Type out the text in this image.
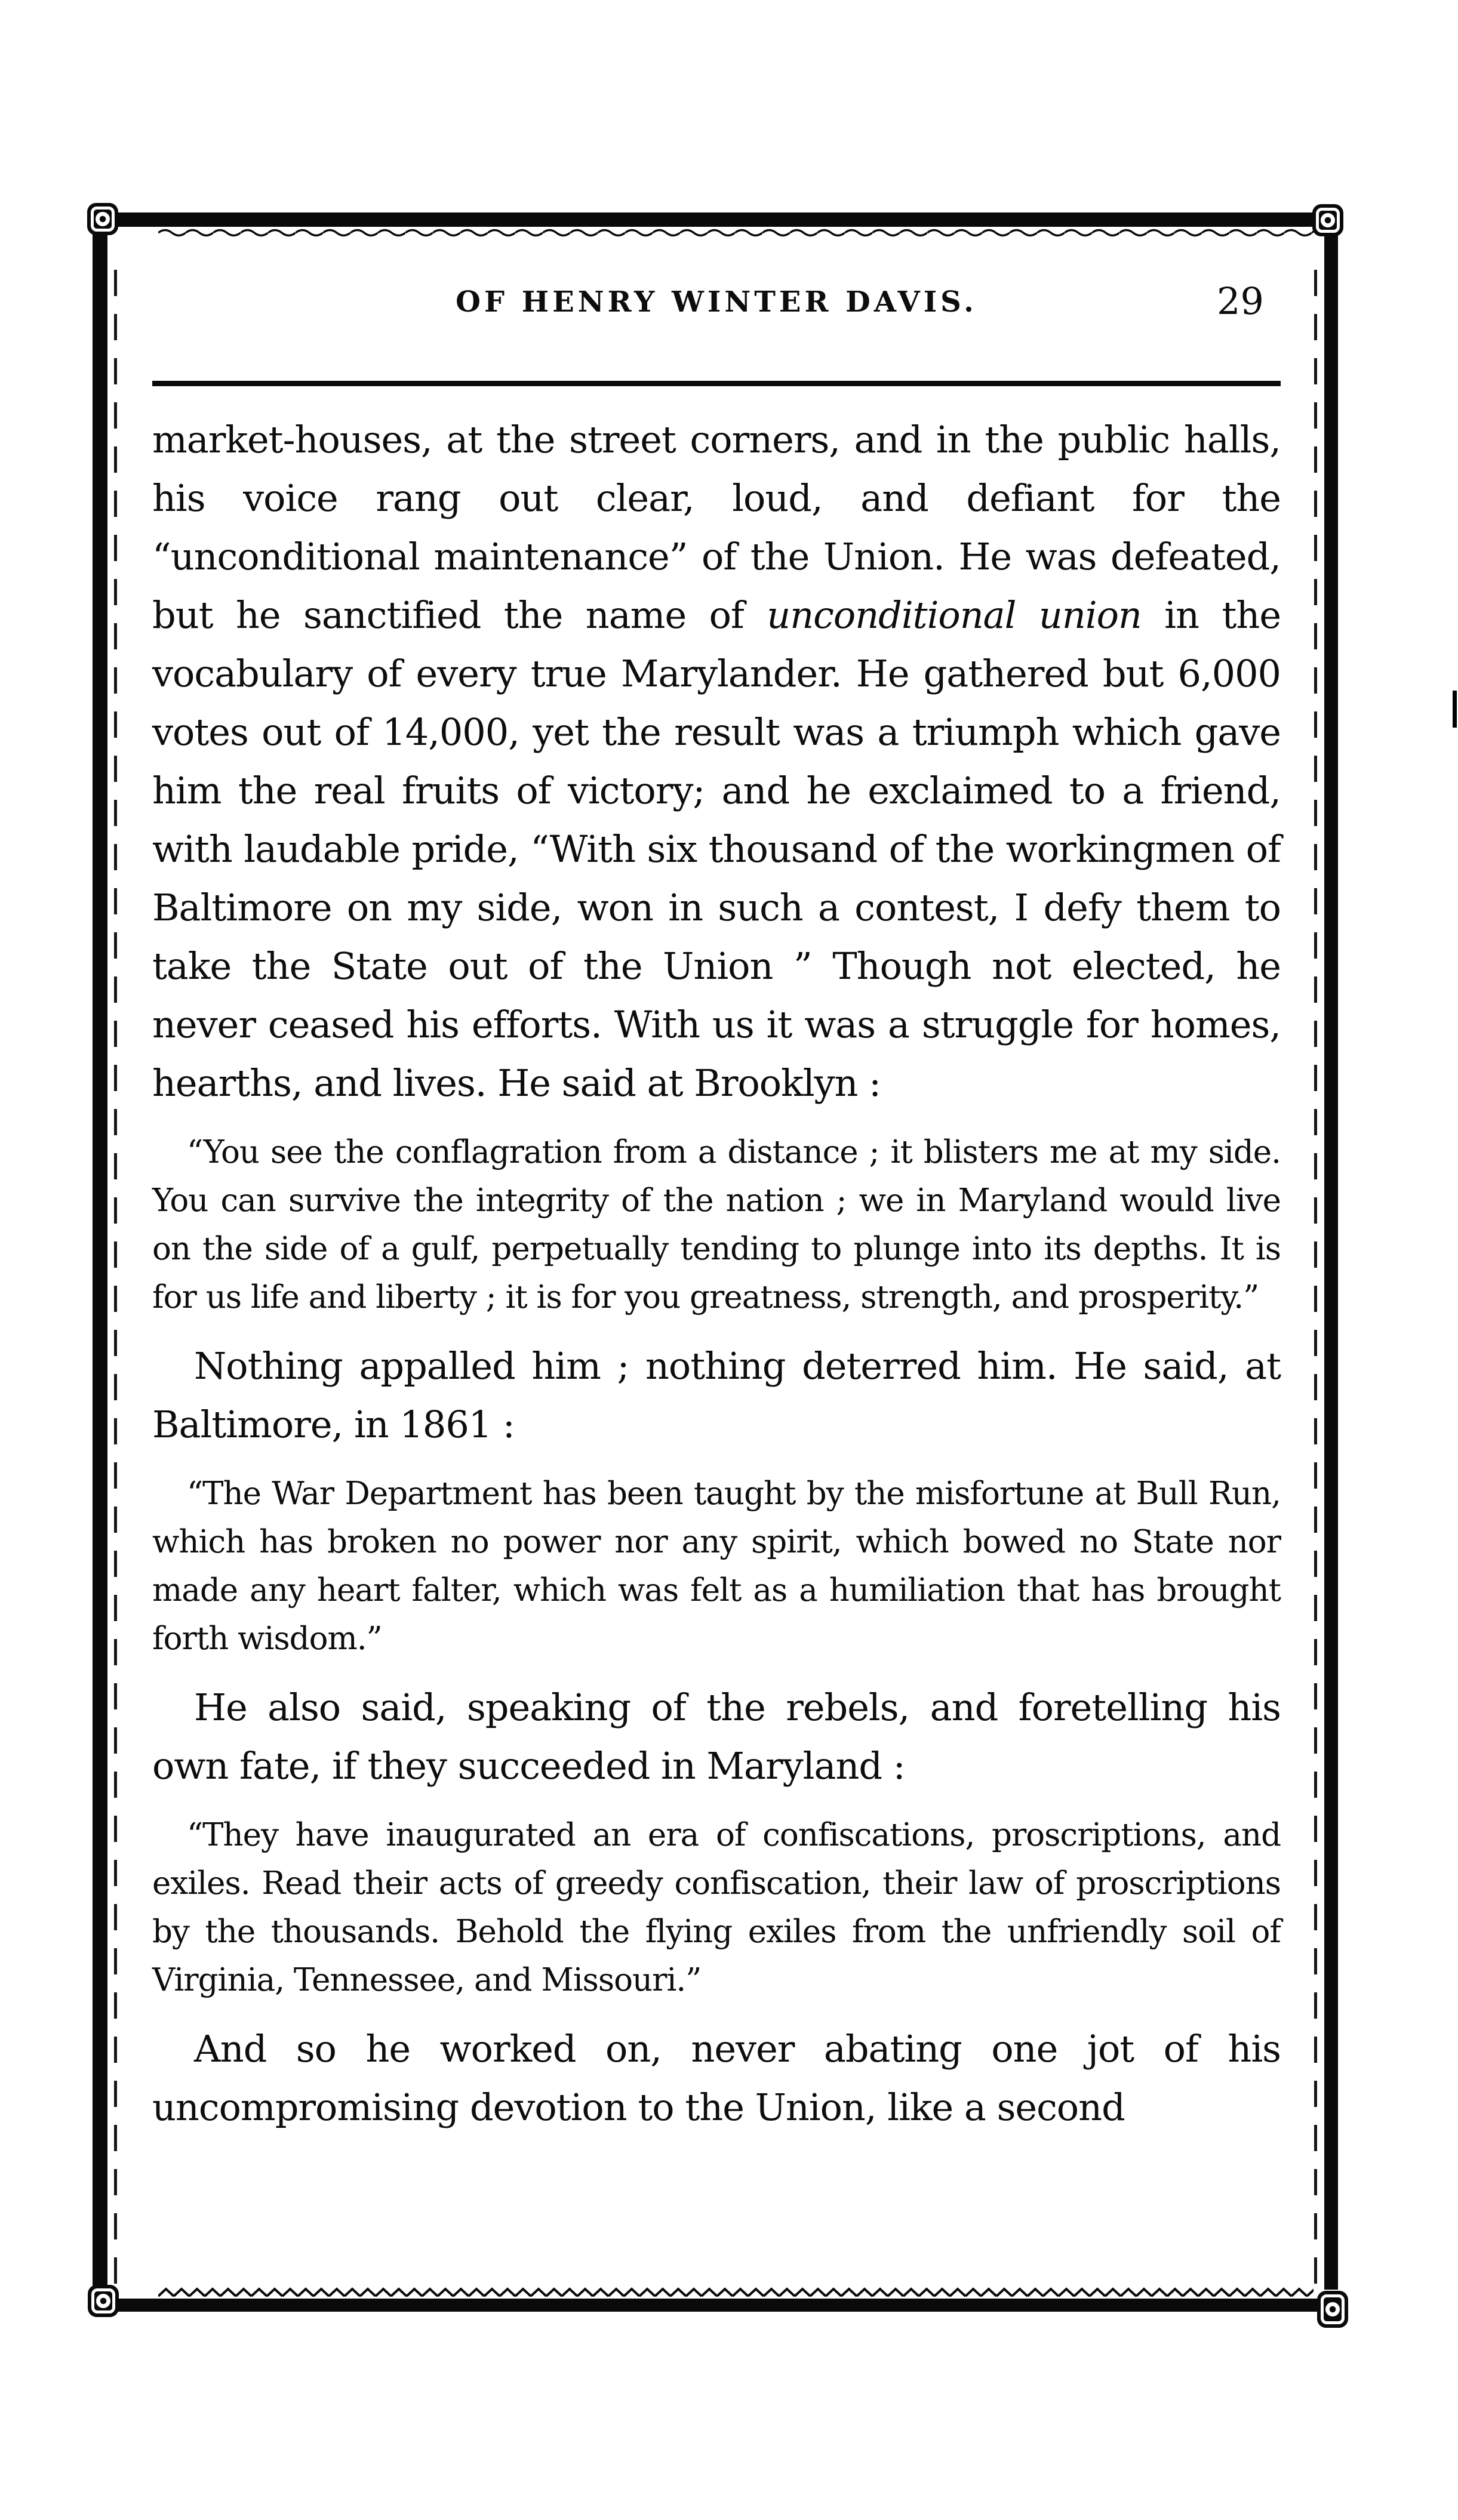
OF HENRY WINTER DAVIS.	29

market-houses, at the street corners, and in the public halls, his voice rang out clear, loud, and defiant for the “unconditional maintenance” of the Union. He was defeated, but he sanctified the name of unconditional union in the vocabulary of every true Marylander. He gathered but 6,000 votes out of 14,000, yet the result was a triumph which gave him the real fruits of victory; and he exclaimed to a friend, with laudable pride, “With six thousand of the workingmen of Baltimore on my side, won in such a contest, I defy them to take the State out of the Union ” Though not elected, he never ceased his efforts. With us it was a struggle for homes, hearths, and lives. He said at Brooklyn :

“You see the conflagration from a distance ; it blisters me at my side. You can survive the integrity of the nation ; we in Maryland would live on the side of a gulf, perpetually tending to plunge into its depths. It is for us life and liberty ; it is for you greatness, strength, and prosperity.”

Nothing appalled him ; nothing deterred him. He said, at Baltimore, in 1861 :

“The War Department has been taught by the misfortune at Bull Run, which has broken no power nor any spirit, which bowed no State nor made any heart falter, which was felt as a humiliation that has brought forth wisdom.”

He also said, speaking of the rebels, and foretelling his own fate, if they succeeded in Maryland :

“They have inaugurated an era of confiscations, proscriptions, and exiles. Read their acts of greedy confiscation, their law of proscriptions by the thousands. Behold the flying exiles from the unfriendly soil of Virginia, Tennessee, and Missouri.”

And so he worked on, never abating one jot of his uncompromising devotion to the Union, like a second
